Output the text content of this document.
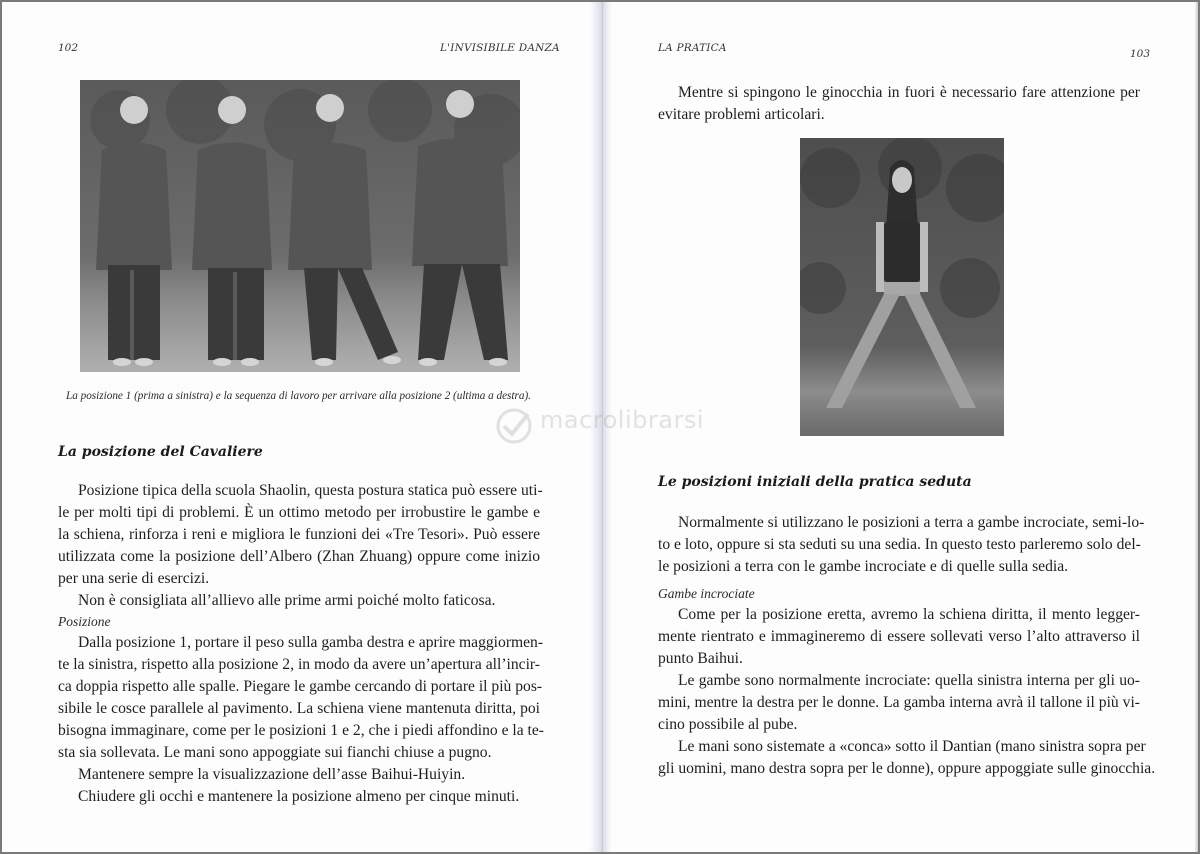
102	L'INVISIBILE DANZA
La posizione 1 (prima a sinistra) e la sequenza di lavoro per arrivare alla posizione 2 (ultima a destra).
La posizione del Cavaliere
Posizione tipica della scuola Shaolin, questa postura statica può essere uti-
le per molti tipi di problemi. È un ottimo metodo per irrobustire le gambe e
la schiena, rinforza i reni e migliora le funzioni dei «Tre Tesori». Può essere
utilizzata come la posizione dell’Albero (Zhan Zhuang) oppure come inizio
per una serie di esercizi.
Non è consigliata all’allievo alle prime armi poiché molto faticosa.
Posizione
Dalla posizione 1, portare il peso sulla gamba destra e aprire maggiormen-
te la sinistra, rispetto alla posizione 2, in modo da avere un’apertura all’incir-
ca doppia rispetto alle spalle. Piegare le gambe cercando di portare il più pos-
sibile le cosce parallele al pavimento. La schiena viene mantenuta diritta, poi
bisogna immaginare, come per le posizioni 1 e 2, che i piedi affondino e la te-
sta sia sollevata. Le mani sono appoggiate sui fianchi chiuse a pugno.
Mantenere sempre la visualizzazione dell’asse Baihui-Huiyin.
Chiudere gli occhi e mantenere la posizione almeno per cinque minuti.
LA PRATICA	103
Mentre si spingono le ginocchia in fuori è necessario fare attenzione per
evitare problemi articolari.
Le posizioni iniziali della pratica seduta
Normalmente si utilizzano le posizioni a terra a gambe incrociate, semi-lo-
to e loto, oppure si sta seduti su una sedia. In questo testo parleremo solo del-
le posizioni a terra con le gambe incrociate e di quelle sulla sedia.
Gambe incrociate
Come per la posizione eretta, avremo la schiena diritta, il mento legger-
mente rientrato e immagineremo di essere sollevati verso l’alto attraverso il
punto Baihui.
Le gambe sono normalmente incrociate: quella sinistra interna per gli uo-
mini, mentre la destra per le donne. La gamba interna avrà il tallone il più vi-
cino possibile al pube.
Le mani sono sistemate a «conca» sotto il Dantian (mano sinistra sopra per
gli uomini, mano destra sopra per le donne), oppure appoggiate sulle ginocchia.
macrolibrarsi
